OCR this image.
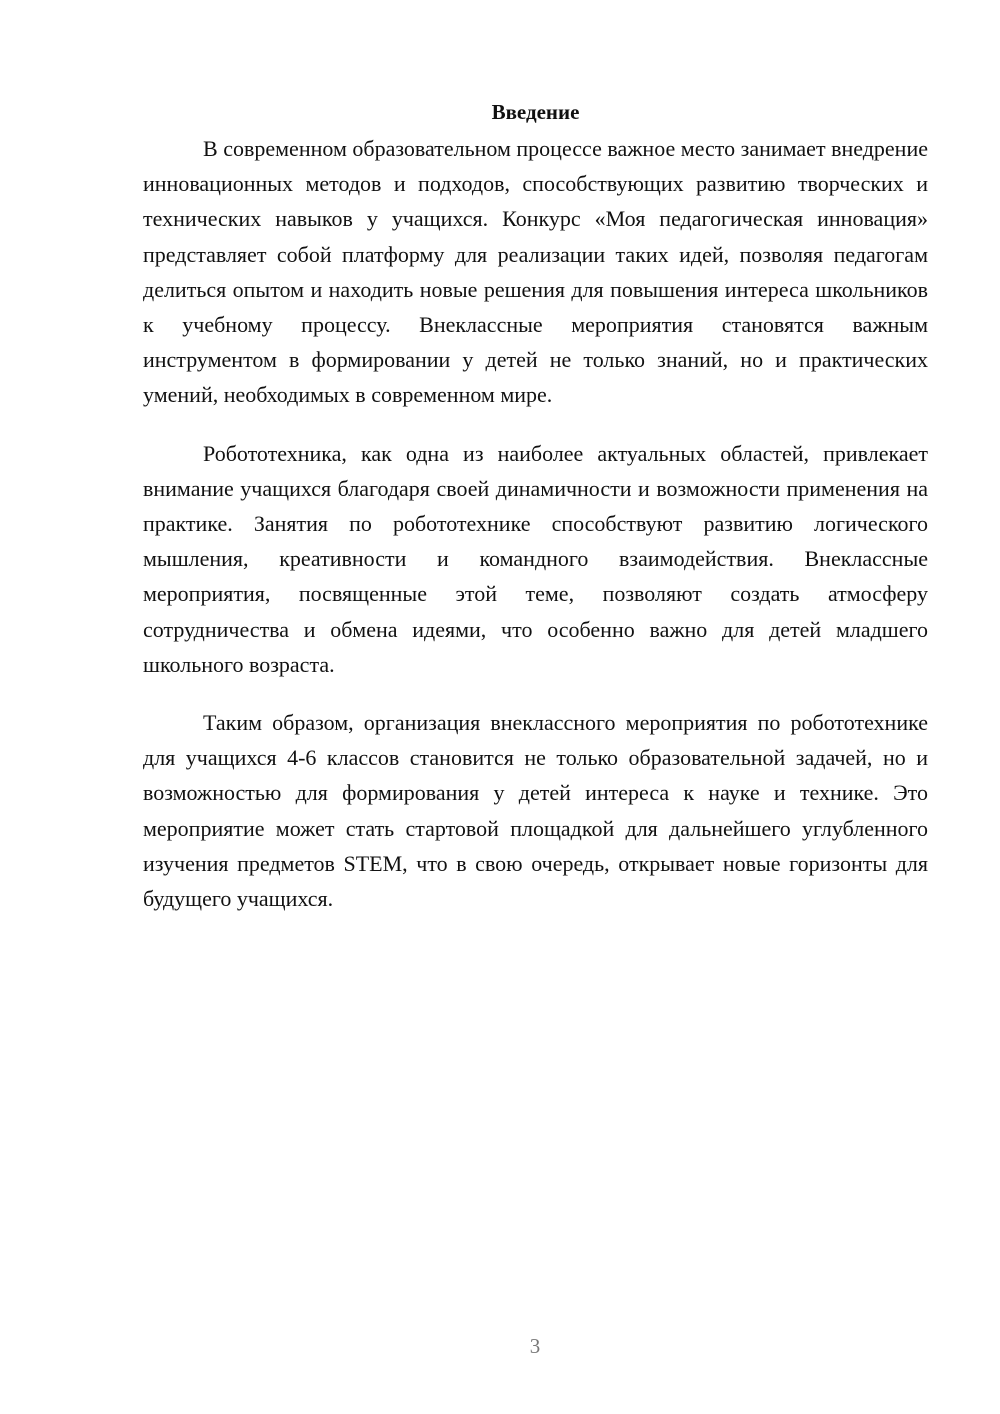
Введение

В современном образовательном процессе важное место занимает внедрение инновационных методов и подходов, способствующих развитию творческих и технических навыков у учащихся. Конкурс «Моя педагогическая инновация» представляет собой платформу для реализации таких идей, позволяя педагогам делиться опытом и находить новые решения для повышения интереса школьников к учебному процессу. Внеклассные мероприятия становятся важным инструментом в формировании у детей не только знаний, но и практических умений, необходимых в современном мире.

Робототехника, как одна из наиболее актуальных областей, привлекает внимание учащихся благодаря своей динамичности и возможности применения на практике. Занятия по робототехнике способствуют развитию логического мышления, креативности и командного взаимодействия. Внеклассные мероприятия, посвященные этой теме, позволяют создать атмосферу сотрудничества и обмена идеями, что особенно важно для детей младшего школьного возраста.

Таким образом, организация внеклассного мероприятия по робототехнике для учащихся 4-6 классов становится не только образовательной задачей, но и возможностью для формирования у детей интереса к науке и технике. Это мероприятие может стать стартовой площадкой для дальнейшего углубленного изучения предметов STEM, что в свою очередь, открывает новые горизонты для будущего учащихся.

3
